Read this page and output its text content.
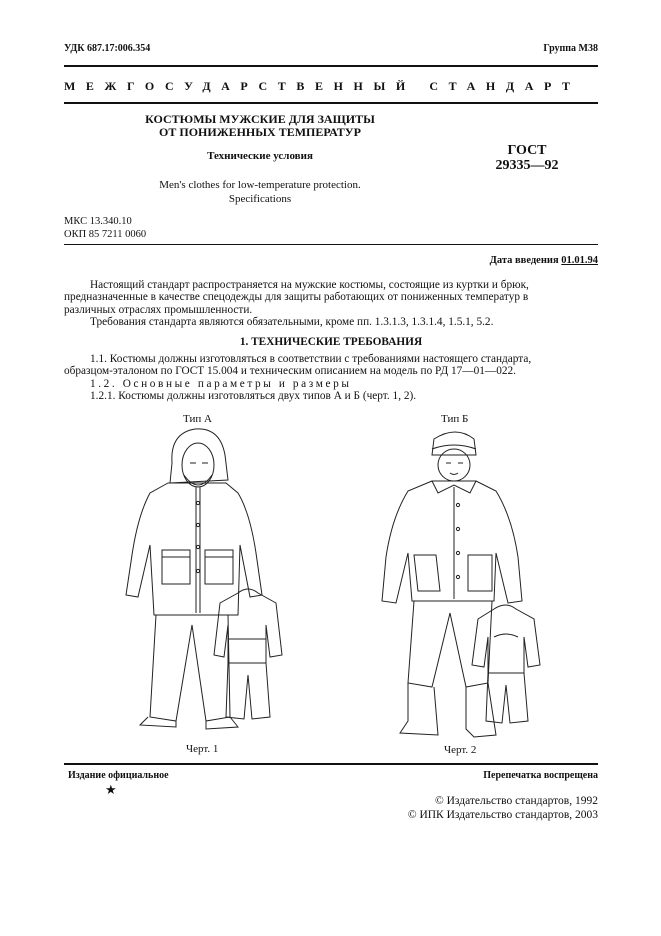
УДК 687.17:006.354	Группа М38
МЕЖГОСУДАРСТВЕННЫЙ СТАНДАРТ
КОСТЮМЫ МУЖСКИЕ ДЛЯ ЗАЩИТЫ
ОТ ПОНИЖЕННЫХ ТЕМПЕРАТУР
Технические условия
Men's clothes for low-temperature protection.
Specifications
ГОСТ
29335—92
МКС 13.340.10
ОКП 85 7211 0060
Дата введения 01.01.94
Настоящий стандарт распространяется на мужские костюмы, состоящие из куртки и брюк,
предназначенные в качестве спецодежды для защиты работающих от пониженных температур в
различных отраслях промышленности.
Требования стандарта являются обязательными, кроме пп. 1.3.1.3, 1.3.1.4, 1.5.1, 5.2.
1. ТЕХНИЧЕСКИЕ ТРЕБОВАНИЯ
1.1. Костюмы должны изготовляться в соответствии с требованиями настоящего стандарта,
образцом-эталоном по ГОСТ 15.004 и техническим описанием на модель по РД 17—01—022.
1.2. Основные параметры и размеры
1.2.1. Костюмы должны изготовляться двух типов А и Б (черт. 1, 2).
Тип А	Тип Б
Черт. 1	Черт. 2
Издание официальное
★
Перепечатка воспрещена
© Издательство стандартов, 1992
© ИПК Издательство стандартов, 2003
